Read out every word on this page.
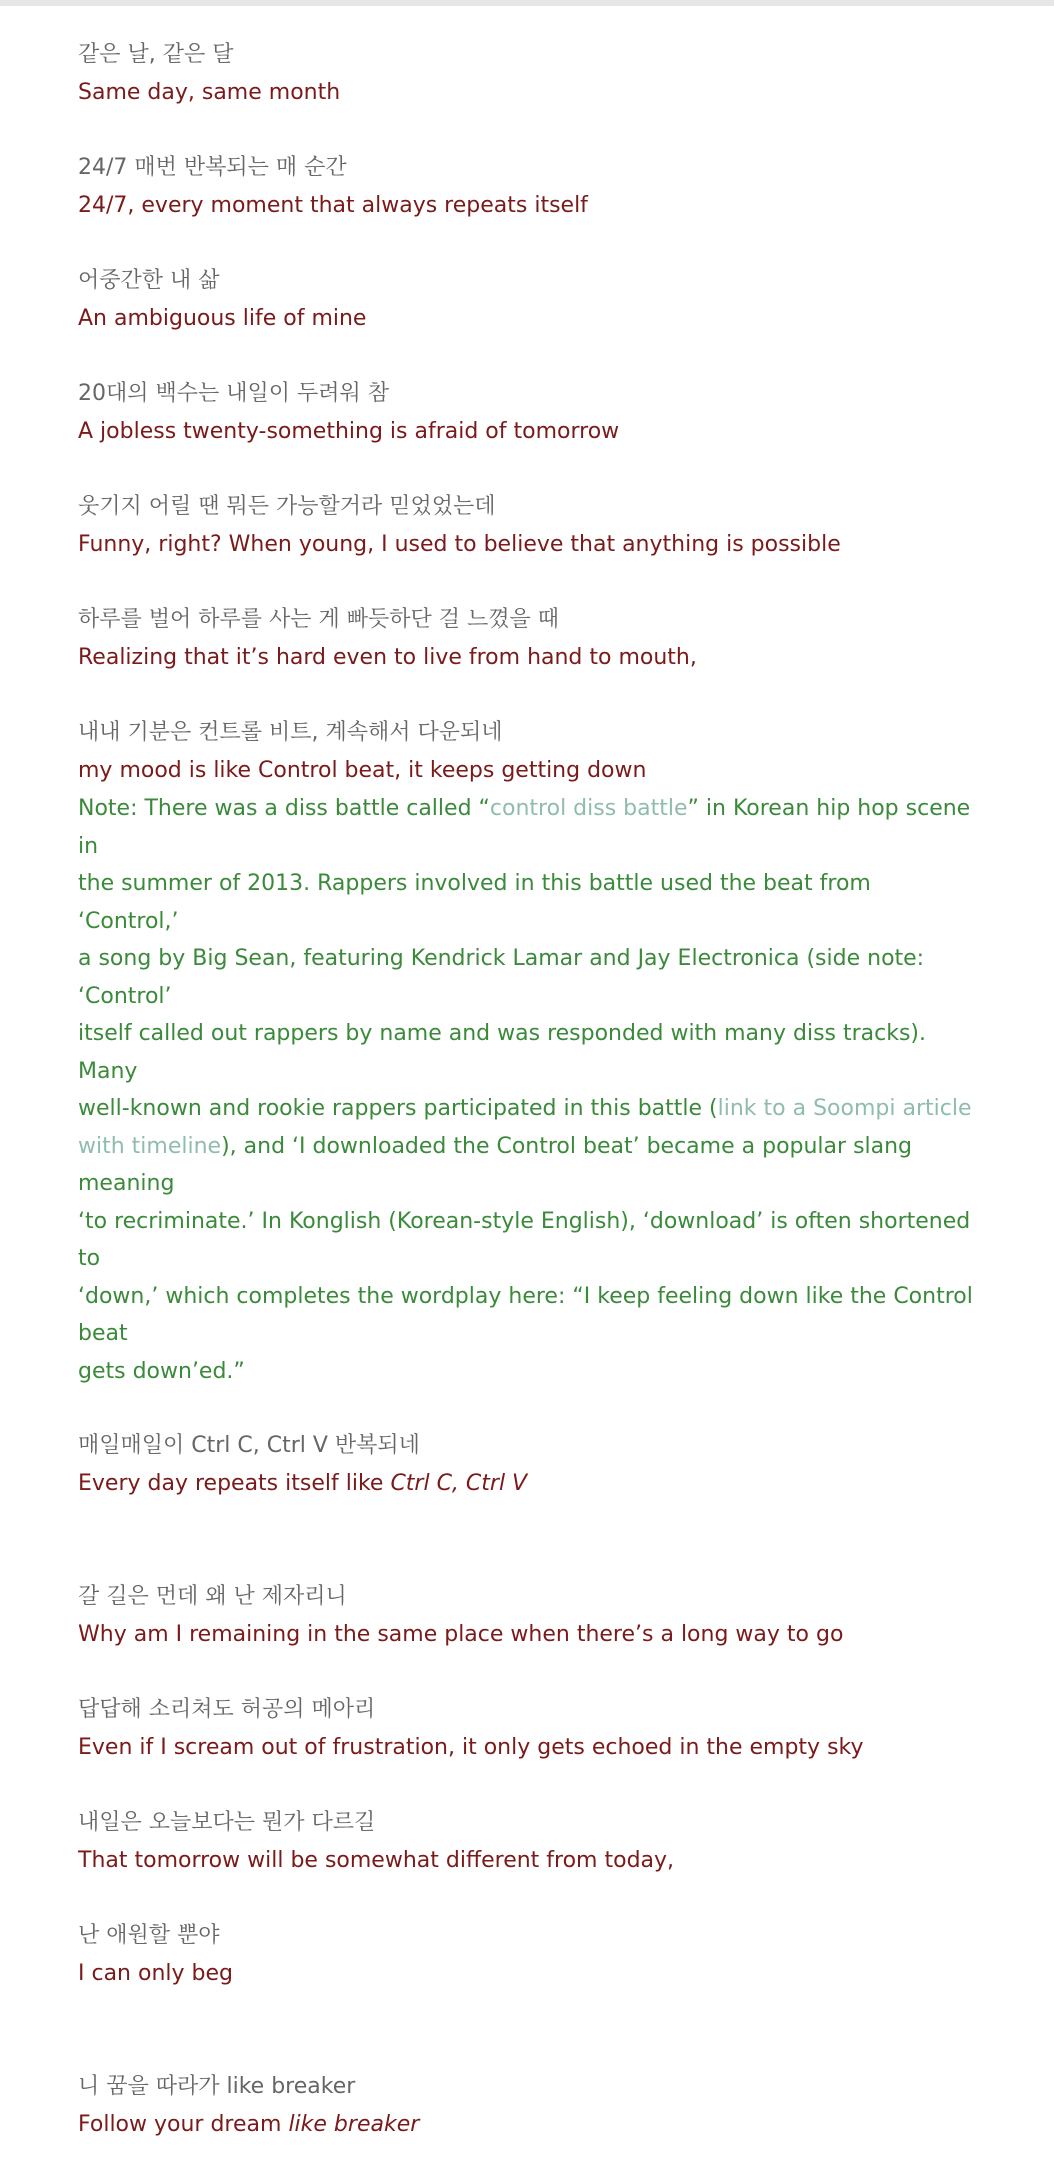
같은 날, 같은 달
Same day, same month
24/7 매번 반복되는 매 순간
24/7, every moment that always repeats itself
어중간한 내 삶
An ambiguous life of mine
20대의 백수는 내일이 두려워 참
A jobless twenty-something is afraid of tomorrow
웃기지 어릴 땐 뭐든 가능할거라 믿었었는데
Funny, right? When young, I used to believe that anything is possible
하루를 벌어 하루를 사는 게 빠듯하단 걸 느꼈을 때
Realizing that it’s hard even to live from hand to mouth,
내내 기분은 컨트롤 비트, 계속해서 다운되네
my mood is like Control beat, it keeps getting down
Note: There was a diss battle called “control diss battle” in Korean hip hop scene in
the summer of 2013. Rappers involved in this battle used the beat from ‘Control,’
a song by Big Sean, featuring Kendrick Lamar and Jay Electronica (side note: ‘Control’
itself called out rappers by name and was responded with many diss tracks). Many
well-known and rookie rappers participated in this battle (link to a Soompi article
with timeline), and ‘I downloaded the Control beat’ became a popular slang meaning
‘to recriminate.’ In Konglish (Korean-style English), ‘download’ is often shortened to
‘down,’ which completes the wordplay here: “I keep feeling down like the Control beat
gets down’ed.”
매일매일이 Ctrl C, Ctrl V 반복되네
Every day repeats itself like Ctrl C, Ctrl V
갈 길은 먼데 왜 난 제자리니
Why am I remaining in the same place when there’s a long way to go
답답해 소리쳐도 허공의 메아리
Even if I scream out of frustration, it only gets echoed in the empty sky
내일은 오늘보다는 뭔가 다르길
That tomorrow will be somewhat different from today,
난 애원할 뿐야
I can only beg
니 꿈을 따라가 like breaker
Follow your dream like breaker
